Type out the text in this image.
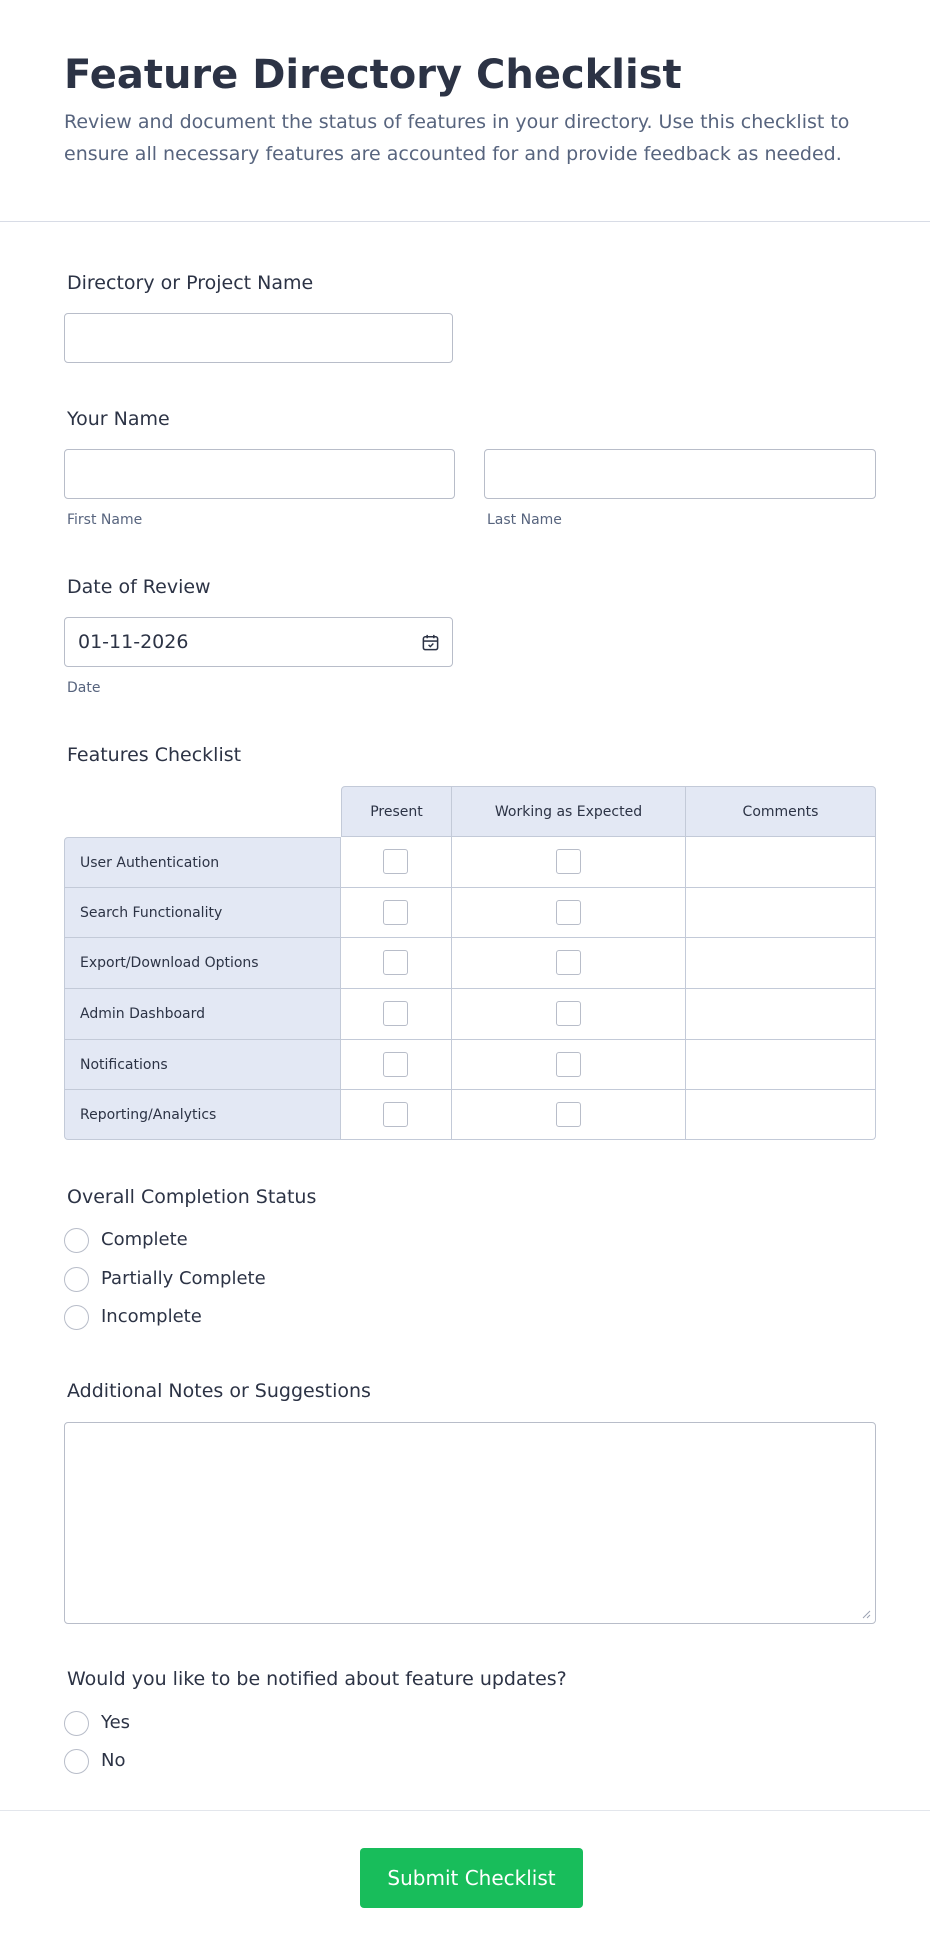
Feature Directory Checklist
Review and document the status of features in your directory. Use this checklist to ensure all necessary features are accounted for and provide feedback as needed.
Directory or Project Name
Your Name
First Name	Last Name
Date of Review
01-11-2026
Date
Features Checklist
Present	Working as Expected	Comments
User Authentication
Search Functionality
Export/Download Options
Admin Dashboard
Notifications
Reporting/Analytics
Overall Completion Status
Complete
Partially Complete
Incomplete
Additional Notes or Suggestions
Would you like to be notified about feature updates?
Yes
No
Submit Checklist
